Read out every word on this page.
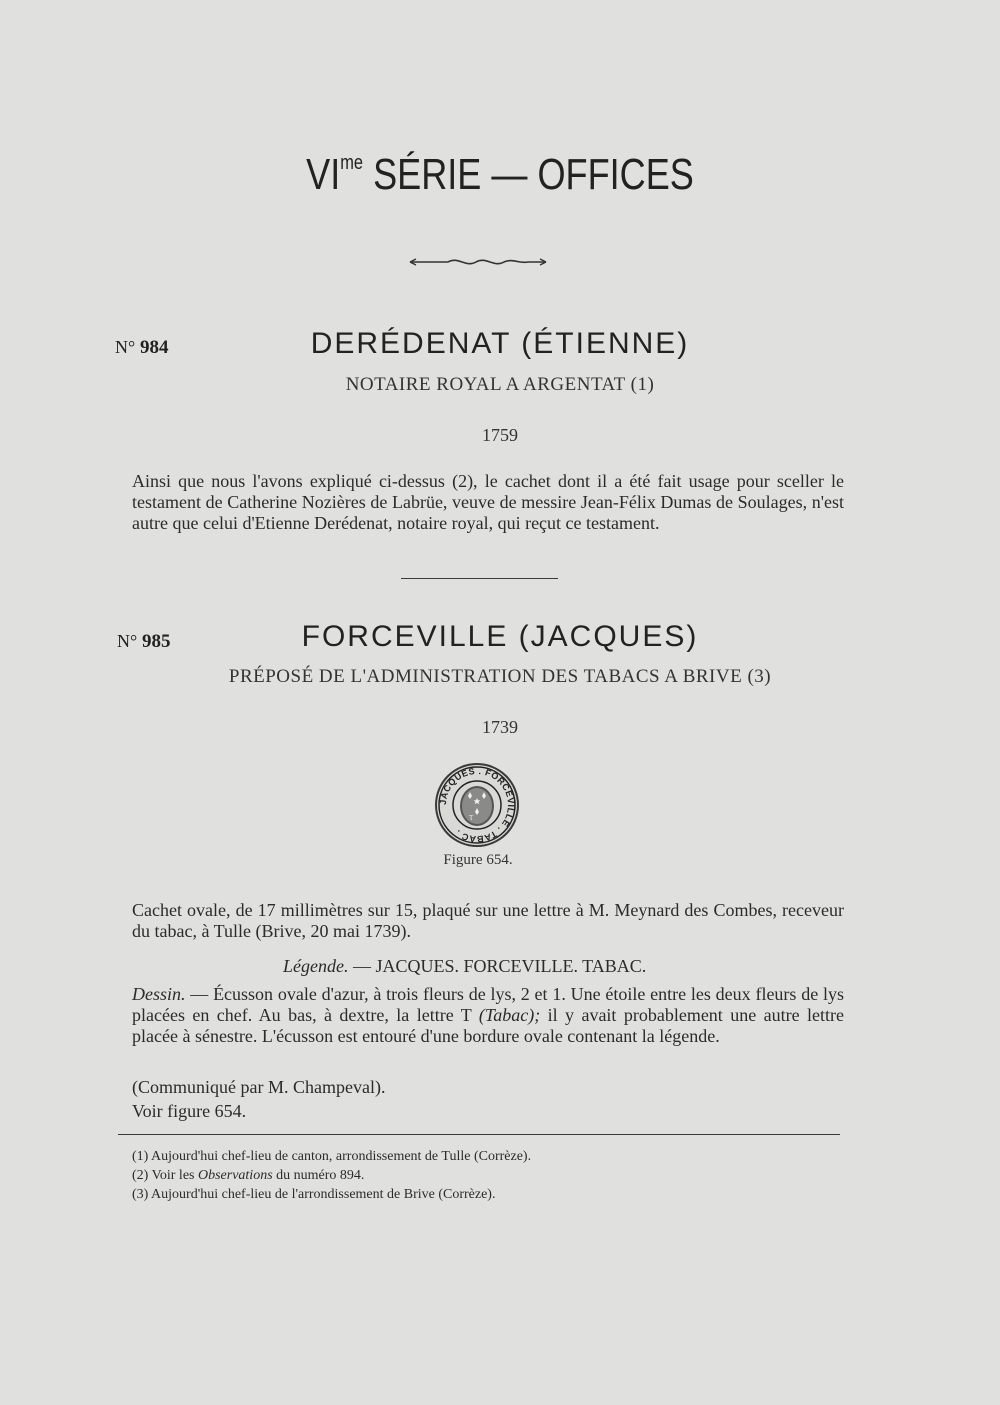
$VI^{me}$ SÉRIE — OFFICES
N° 984	DERÉDENAT (ÉTIENNE)
NOTAIRE ROYAL A ARGENTAT (1)
1759
Ainsi que nous l'avons expliqué ci-dessus (2), le cachet dont il a été fait usage pour sceller le testament de Catherine Nozières de Labrüe, veuve de messire Jean-Félix Dumas de Soulages, n'est autre que celui d'Etienne Derédenat, notaire royal, qui reçut ce testament.
N° 985	FORCEVILLE (JACQUES)
PRÉPOSÉ DE L'ADMINISTRATION DES TABACS A BRIVE (3)
1739
JACQUES . FORCEVILLE . TABAC .
T
Figure 654.
Cachet ovale, de 17 millimètres sur 15, plaqué sur une lettre à M. Meynard des Combes, receveur du tabac, à Tulle (Brive, 20 mai 1739).
Légende. — JACQUES. FORCEVILLE. TABAC.
Dessin. — Écusson ovale d'azur, à trois fleurs de lys, 2 et 1. Une étoile entre les deux fleurs de lys placées en chef. Au bas, à dextre, la lettre T (Tabac); il y avait probablement une autre lettre placée à sénestre. L'écusson est entouré d'une bordure ovale contenant la légende.
(Communiqué par M. Champeval).
Voir figure 654.
(1) Aujourd'hui chef-lieu de canton, arrondissement de Tulle (Corrèze).
(2) Voir les Observations du numéro 894.
(3) Aujourd'hui chef-lieu de l'arrondissement de Brive (Corrèze).
